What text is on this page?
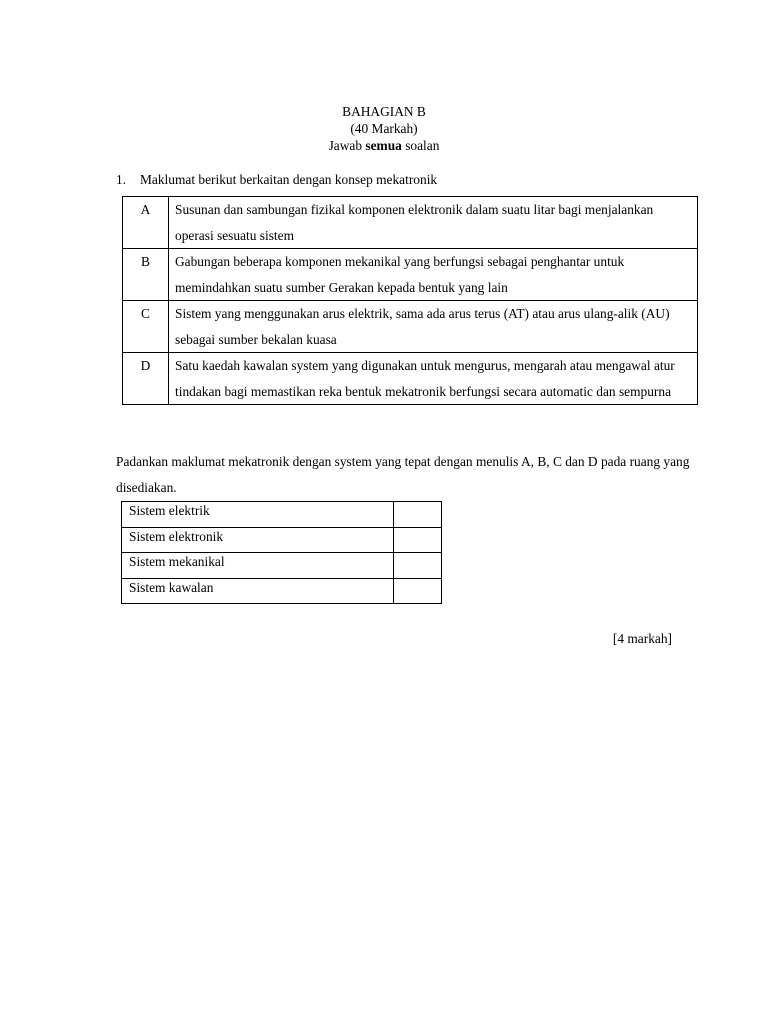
BAHAGIAN B
(40 Markah)
Jawab semua soalan
1. Maklumat berikut berkaitan dengan konsep mekatronik
A	Susunan dan sambungan fizikal komponen elektronik dalam suatu litar bagi menjalankan operasi sesuatu sistem
B	Gabungan beberapa komponen mekanikal yang berfungsi sebagai penghantar untuk memindahkan suatu sumber Gerakan kepada bentuk yang lain
C	Sistem yang menggunakan arus elektrik, sama ada arus terus (AT) atau arus ulang-alik (AU) sebagai sumber bekalan kuasa
D	Satu kaedah kawalan system yang digunakan untuk mengurus, mengarah atau mengawal atur tindakan bagi memastikan reka bentuk mekatronik berfungsi secara automatic dan sempurna
Padankan maklumat mekatronik dengan system yang tepat dengan menulis A, B, C dan D pada ruang yang disediakan.
Sistem elektrik	
Sistem elektronik	
Sistem mekanikal	
Sistem kawalan	
[4 markah]
